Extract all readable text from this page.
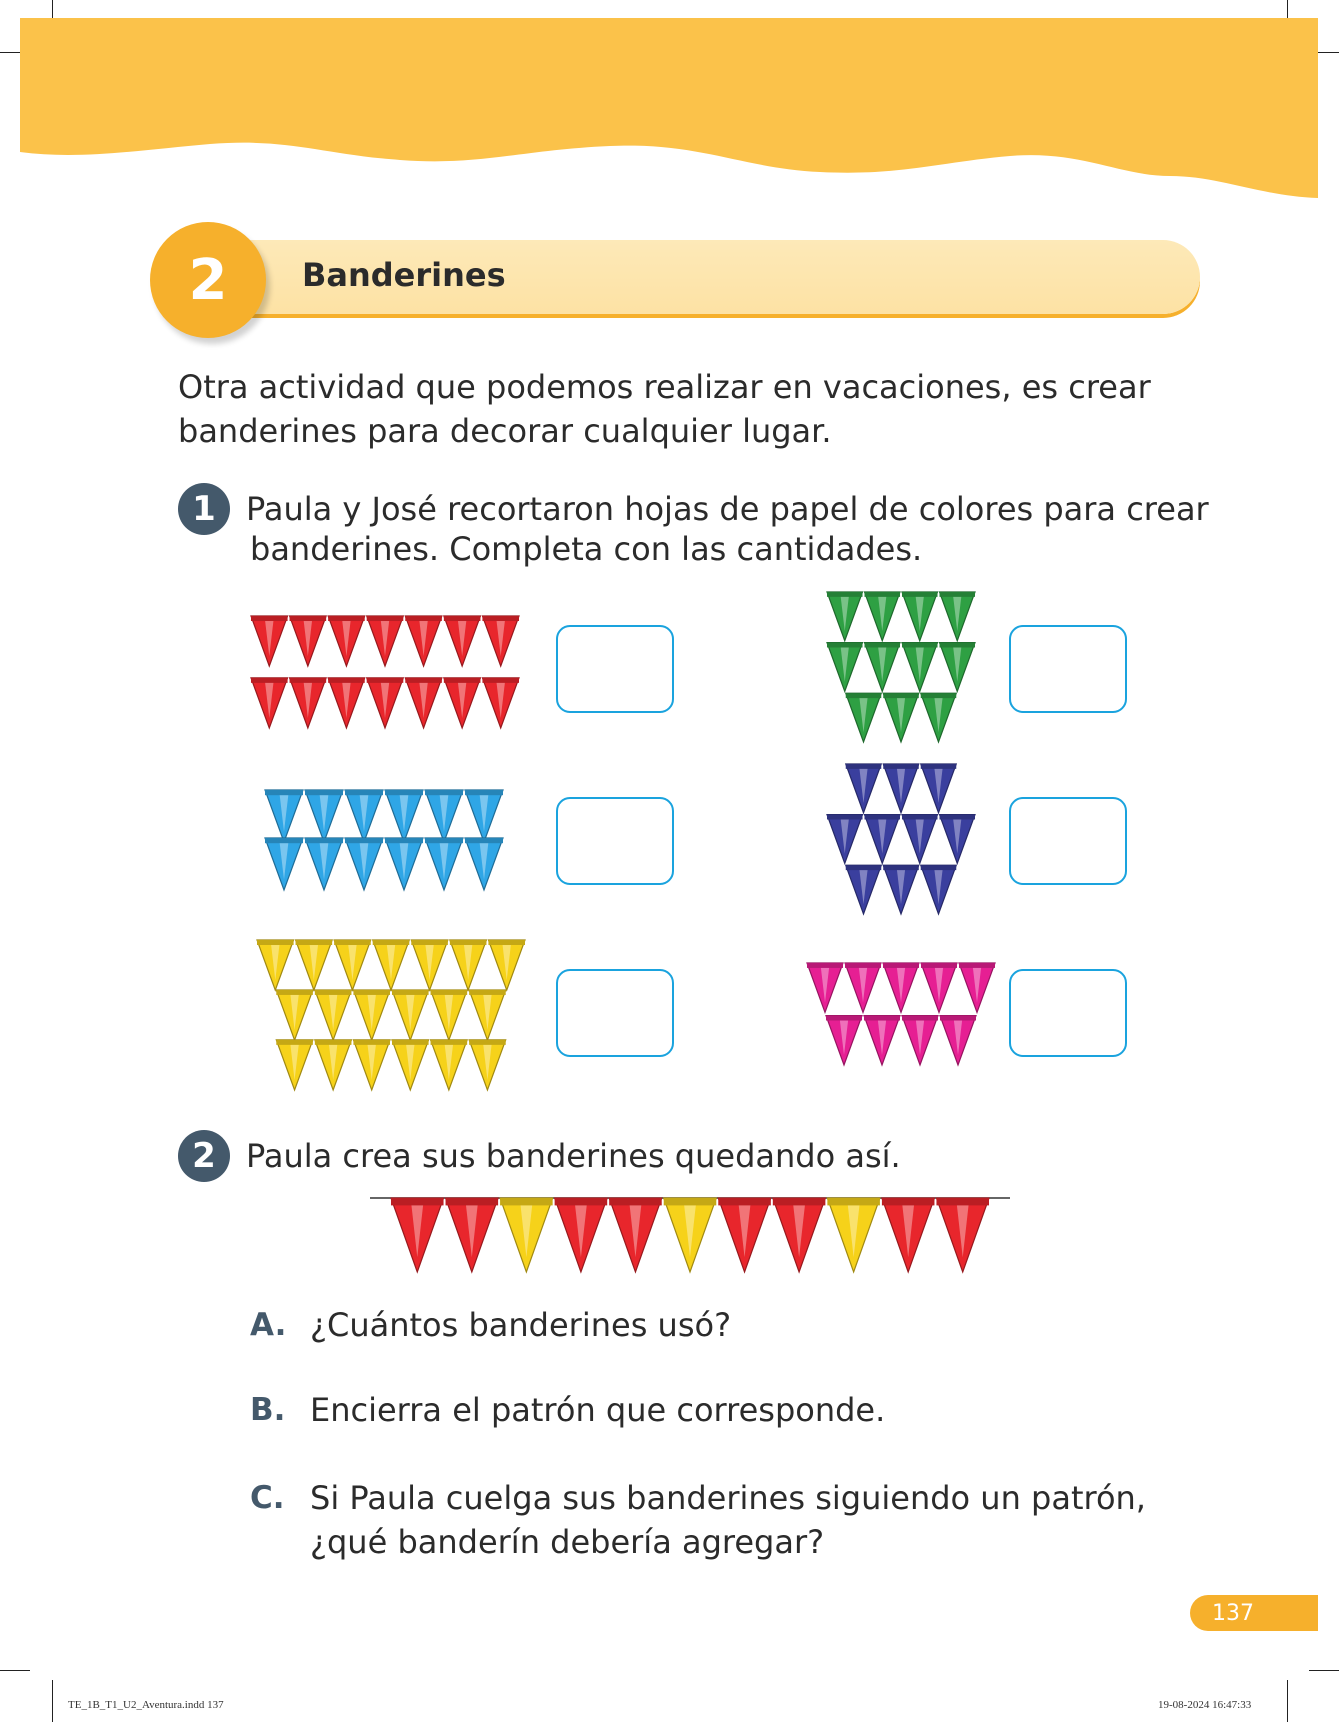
2	Banderines
Otra actividad que podemos realizar en vacaciones, es crear
banderines para decorar cualquier lugar.
1 Paula y José recortaron hojas de papel de colores para crear
banderines. Completa con las cantidades.
2 Paula crea sus banderines quedando así.
A. ¿Cuántos banderines usó?
B. Encierra el patrón que corresponde.
C. Si Paula cuelga sus banderines siguiendo un patrón,
¿qué banderín debería agregar?
137
TE_1B_T1_U2_Aventura.indd 137	19-08-2024 16:47:33
